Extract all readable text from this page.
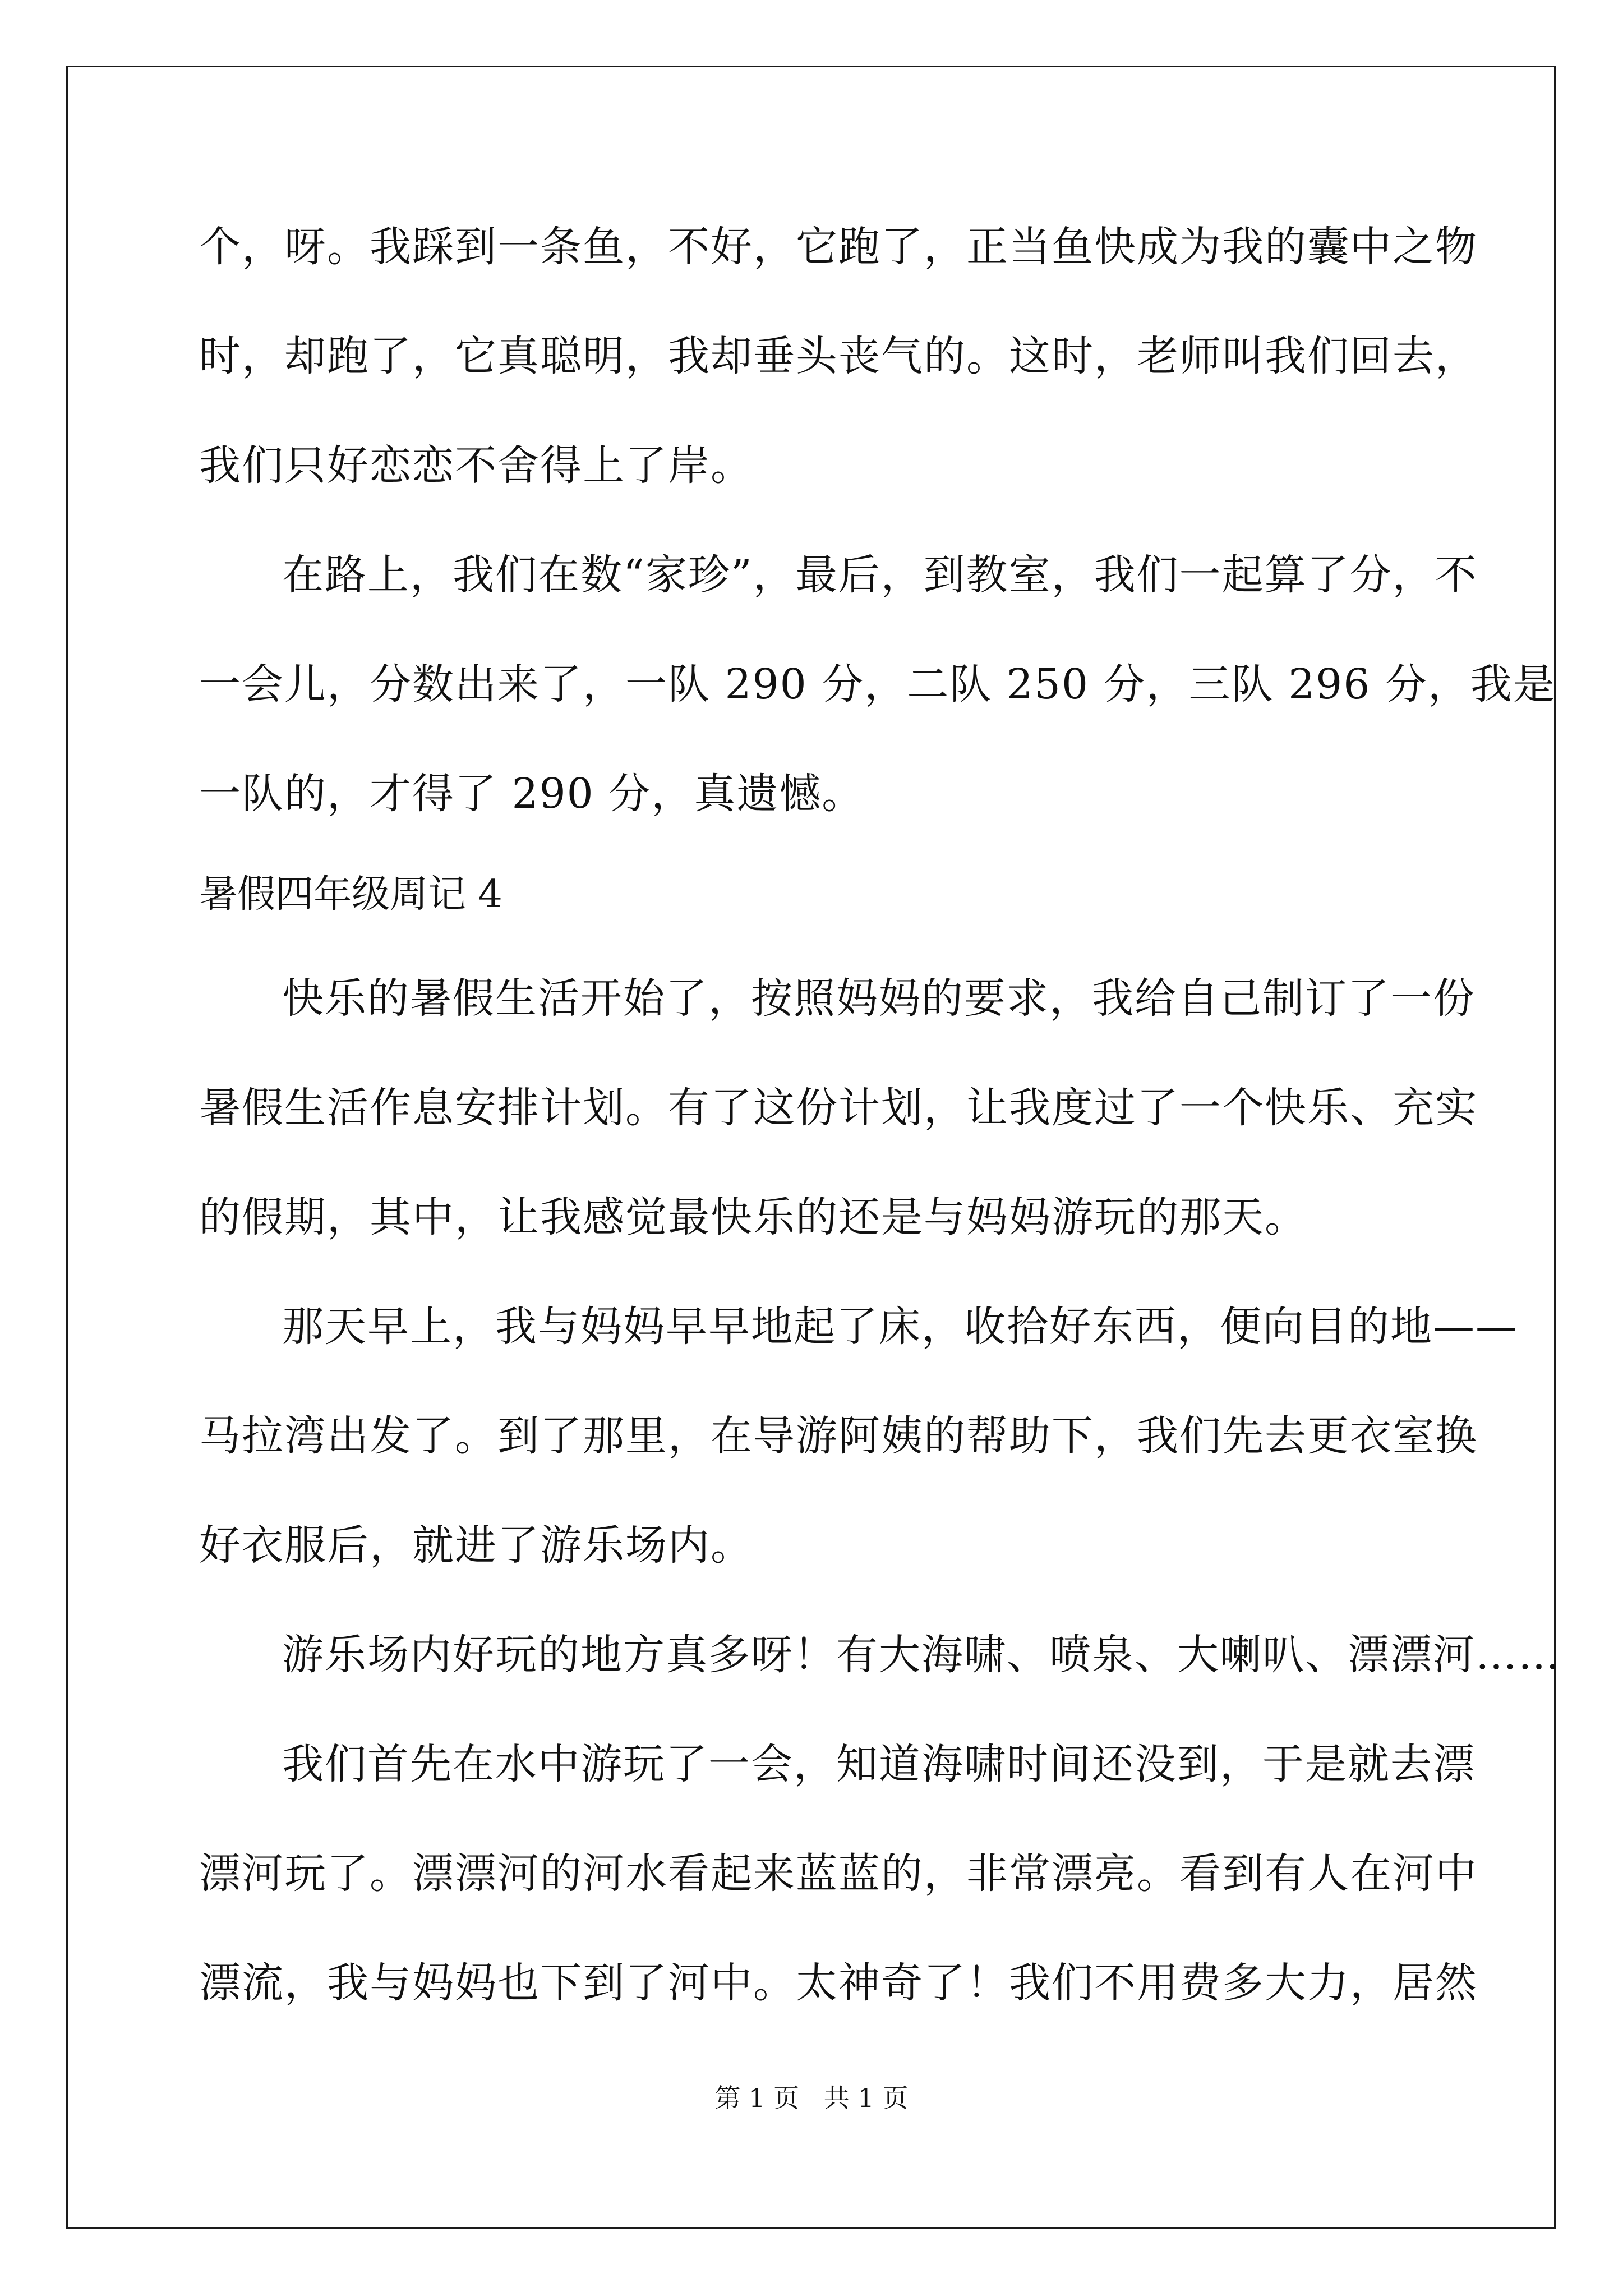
个，呀。我踩到一条鱼，不好，它跑了，正当鱼快成为我的囊中之物
时，却跑了，它真聪明，我却垂头丧气的。这时，老师叫我们回去，
我们只好恋恋不舍得上了岸。
在路上，我们在数“家珍”，最后，到教室，我们一起算了分，不
一会儿，分数出来了，一队 290 分，二队 250 分，三队 296 分，我是
一队的，才得了 290 分，真遗憾。
暑假四年级周记 4
快乐的暑假生活开始了，按照妈妈的要求，我给自己制订了一份
暑假生活作息安排计划。有了这份计划，让我度过了一个快乐、充实
的假期，其中，让我感觉最快乐的还是与妈妈游玩的那天。
那天早上，我与妈妈早早地起了床，收拾好东西，便向目的地——
马拉湾出发了。到了那里，在导游阿姨的帮助下，我们先去更衣室换
好衣服后，就进了游乐场内。
游乐场内好玩的地方真多呀！有大海啸、喷泉、大喇叭、漂漂河……
我们首先在水中游玩了一会，知道海啸时间还没到，于是就去漂
漂河玩了。漂漂河的河水看起来蓝蓝的，非常漂亮。看到有人在河中
漂流，我与妈妈也下到了河中。太神奇了！我们不用费多大力，居然
第 1 页   共 1 页
